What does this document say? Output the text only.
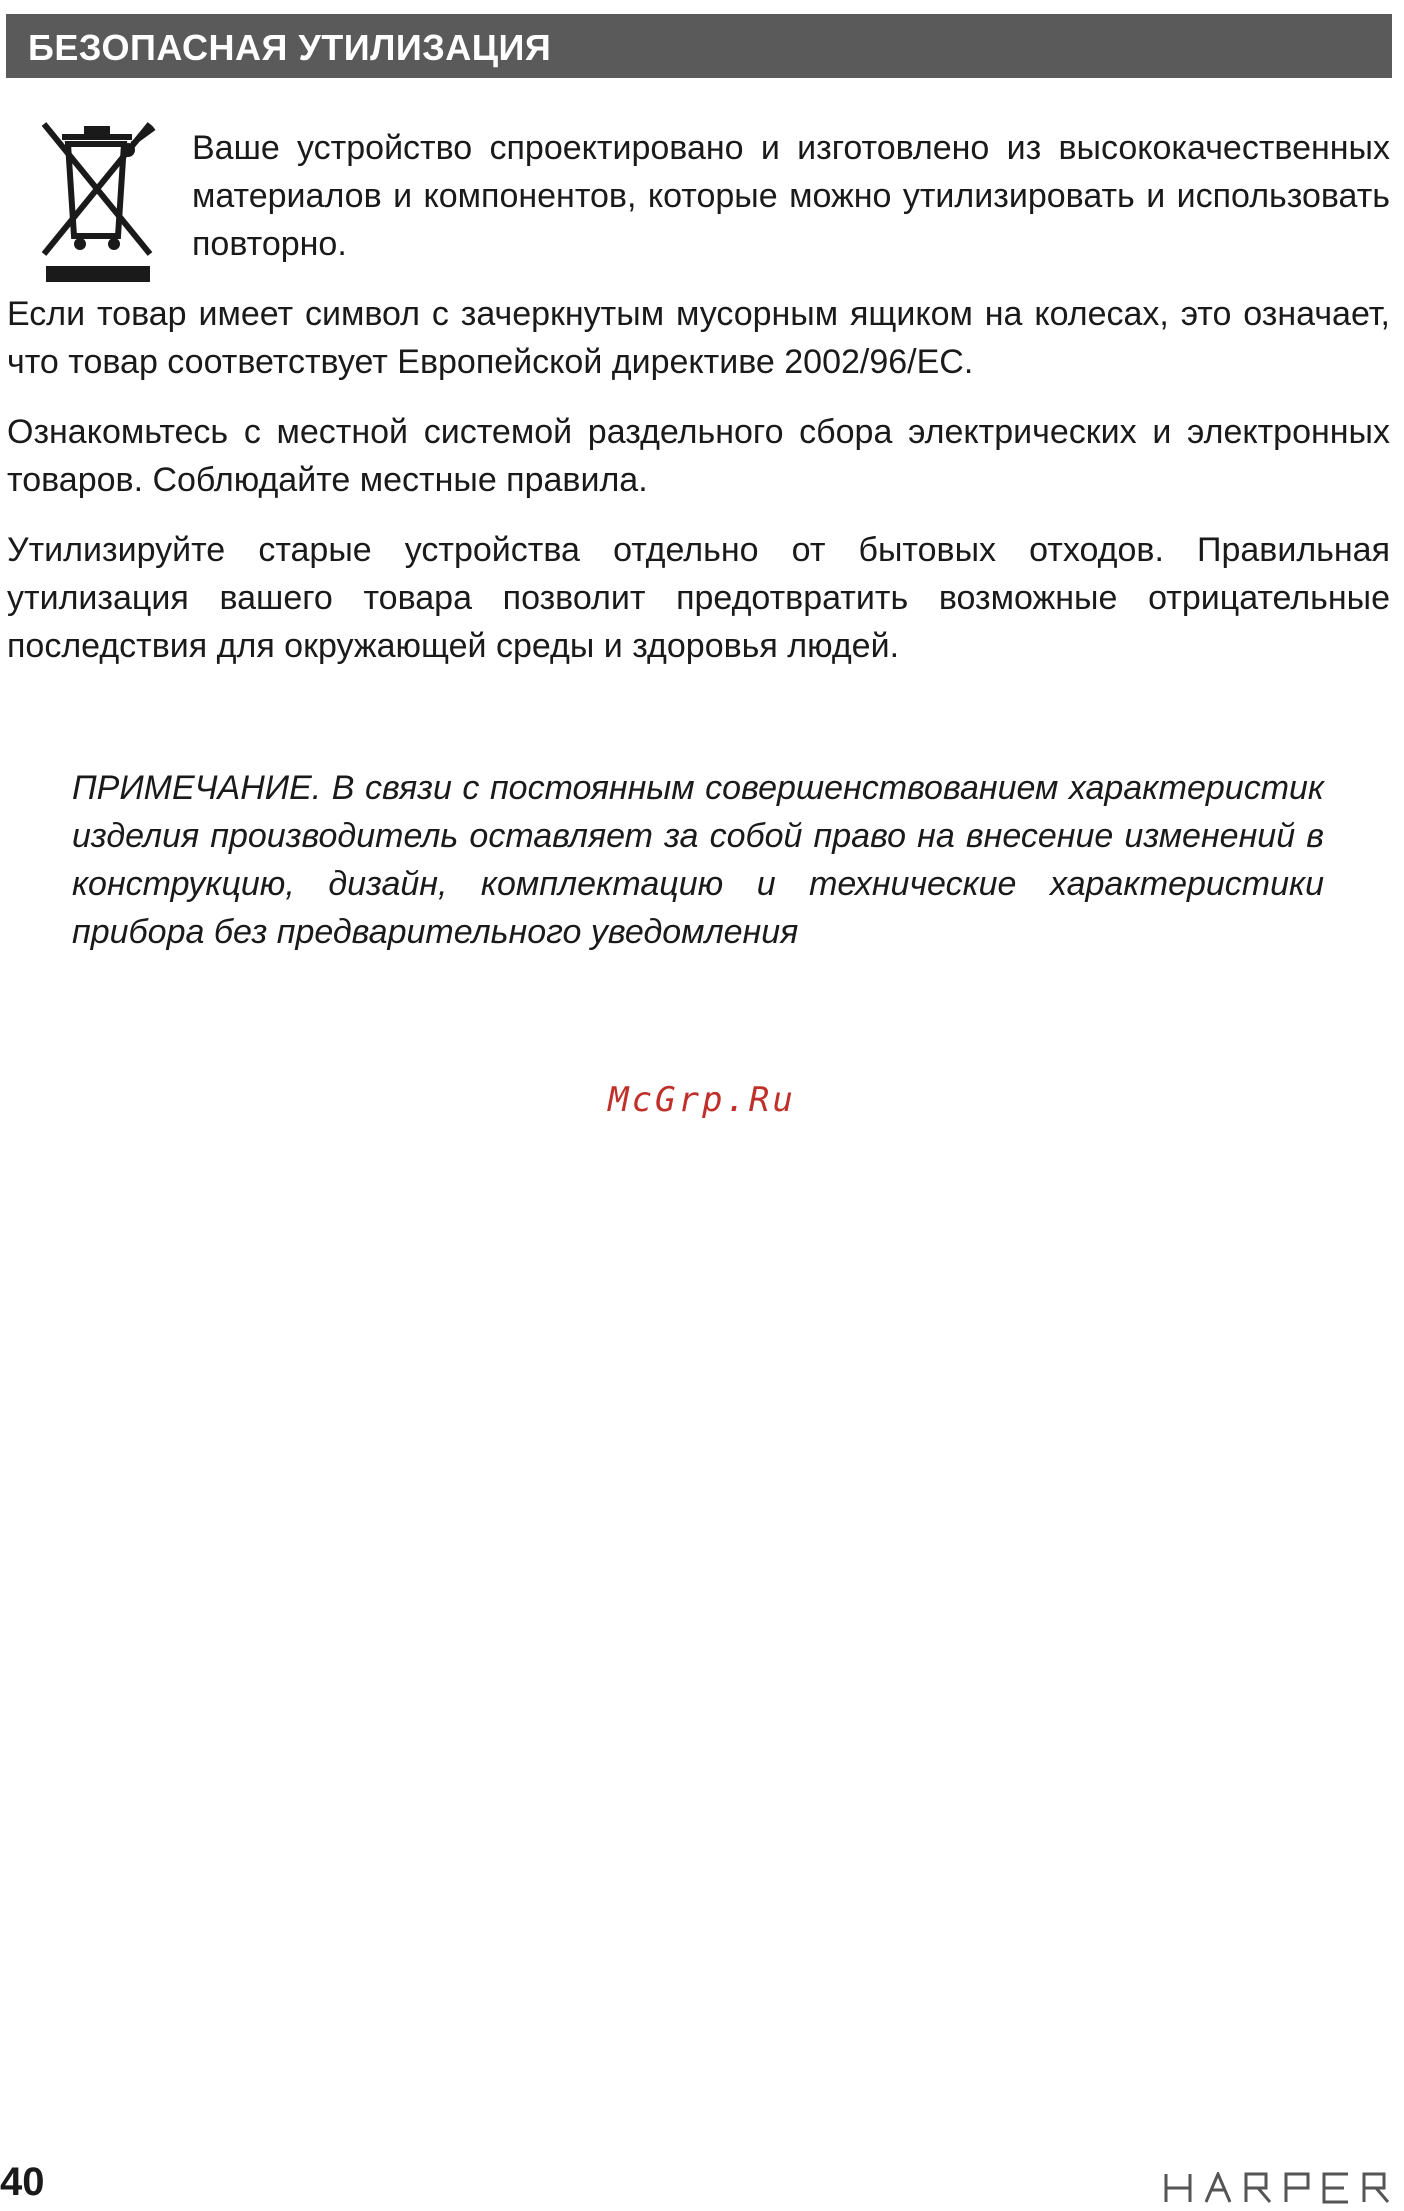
БЕЗОПАСНАЯ УТИЛИЗАЦИЯ

Ваше устройство спроектировано и изготовлено из высококачественных материалов и компонентов, которые можно утилизировать и использовать повторно.

Если товар имеет символ с зачеркнутым мусорным ящиком на колесах, это означает, что товар соответствует Европейской директиве 2002/96/EC.

Ознакомьтесь с местной системой раздельного сбора электрических и электронных товаров. Соблюдайте местные правила.

Утилизируйте старые устройства отдельно от бытовых отходов. Правильная утилизация вашего товара позволит предотвратить возможные отрицательные последствия для окружающей среды и здоровья людей.

ПРИМЕЧАНИЕ. В связи с постоянным совершенствованием характеристик изделия производитель оставляет за собой право на внесение изменений в конструкцию, дизайн, комплектацию и технические характеристики прибора без предварительного уведомления
McGrp.Ru
40
